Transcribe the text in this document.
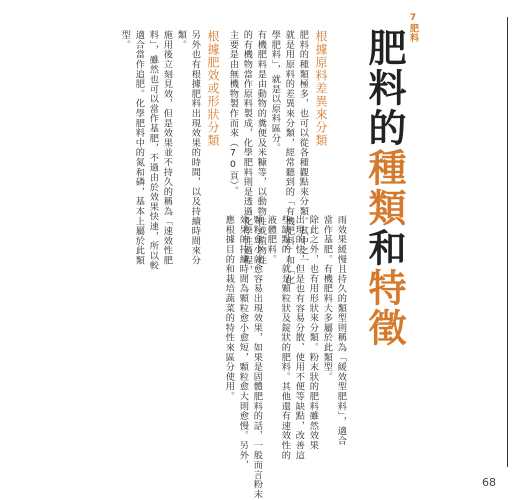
7肥料
肥料的種類和特徵
雨效果緩慢且持久的類型則稱為「緩效型肥料」，適合
當作基肥。有機肥料大多屬於此類型。
除此之外，也有用形狀來分類。粉末狀的肥料雖然效果
出現的快，但是也有容易分散、使用不便等缺點，改善這
些缺點的，就是顆粒狀及錠狀的肥料。其他還有速效性的
液體肥料。
顆粒愈小就愈容易出現效果，如果是固體肥料的話，一般而言粉末
效果的持續時間為顆粒愈小愈短，顆粒愈大則愈慢。另外，
應根據目的和栽培蔬菜的特性來區分使用。
根據原料差異來分類
肥料的種類極多，也可以從各種觀點來分類。其中之一
就是用原料的差異來分類，經常聽到的「有機肥料」和「化
學肥料」，就是以原料區分。
有機肥料是由動物的糞便及米糠等，以動物性或植物性
的有機物當作原料製成，化學肥料則是透過化學性過程，
主要是由無機物製作而來（70頁）。
根據肥效或形狀分類
另外也有根據肥料出現效果的時間，以及持續時間來分
類。
施用後立刻見效，但是效果並不持久的稱為「速效性肥
料」，雖然也可以當作基肥，不過由於效果快速，所以較
適合當作追肥。化學肥料中的氮和磷，基本上屬於此類
型。
68
